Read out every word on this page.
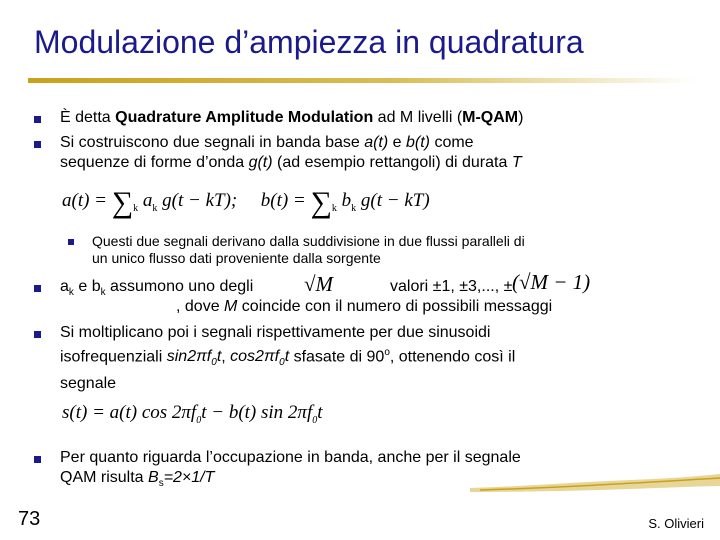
Modulazione d’ampiezza in quadratura
È detta Quadrature Amplitude Modulation ad M livelli (M-QAM)
Si costruiscono due segnali in banda base a(t) e b(t) come
sequenze di forme d’onda g(t) (ad esempio rettangoli) di durata T
$a(t) = \sum_k$ $a_k$ g(t − kT); $b(t) = \sum_k$ $b_k$ g(t − kT)
Questi due segnali derivano dalla suddivisione in due flussi paralleli di
un unico flusso dati proveniente dalla sorgente
$a_k$ e $b_k$ assumono uno degli √M	valori ±1, ±3,..., ± (√M − 1)
, dove M coincide con il numero di possibili messaggi
Si moltiplicano poi i segnali rispettivamente per due sinusoidi
isofrequenziali $\sin 2\pi f_0t$, $\cos 2\pi f_0t$ sfasate di 90$^o$, ottenendo così il
segnale
s(t) = a(t) $\cos 2\pi f_0t - b(t)$ $\sin 2\pi f_0t$
Per quanto riguarda l’occupazione in banda, anche per il segnale
QAM risulta $B_s=2\times 1/T$
73	S. Olivieri
